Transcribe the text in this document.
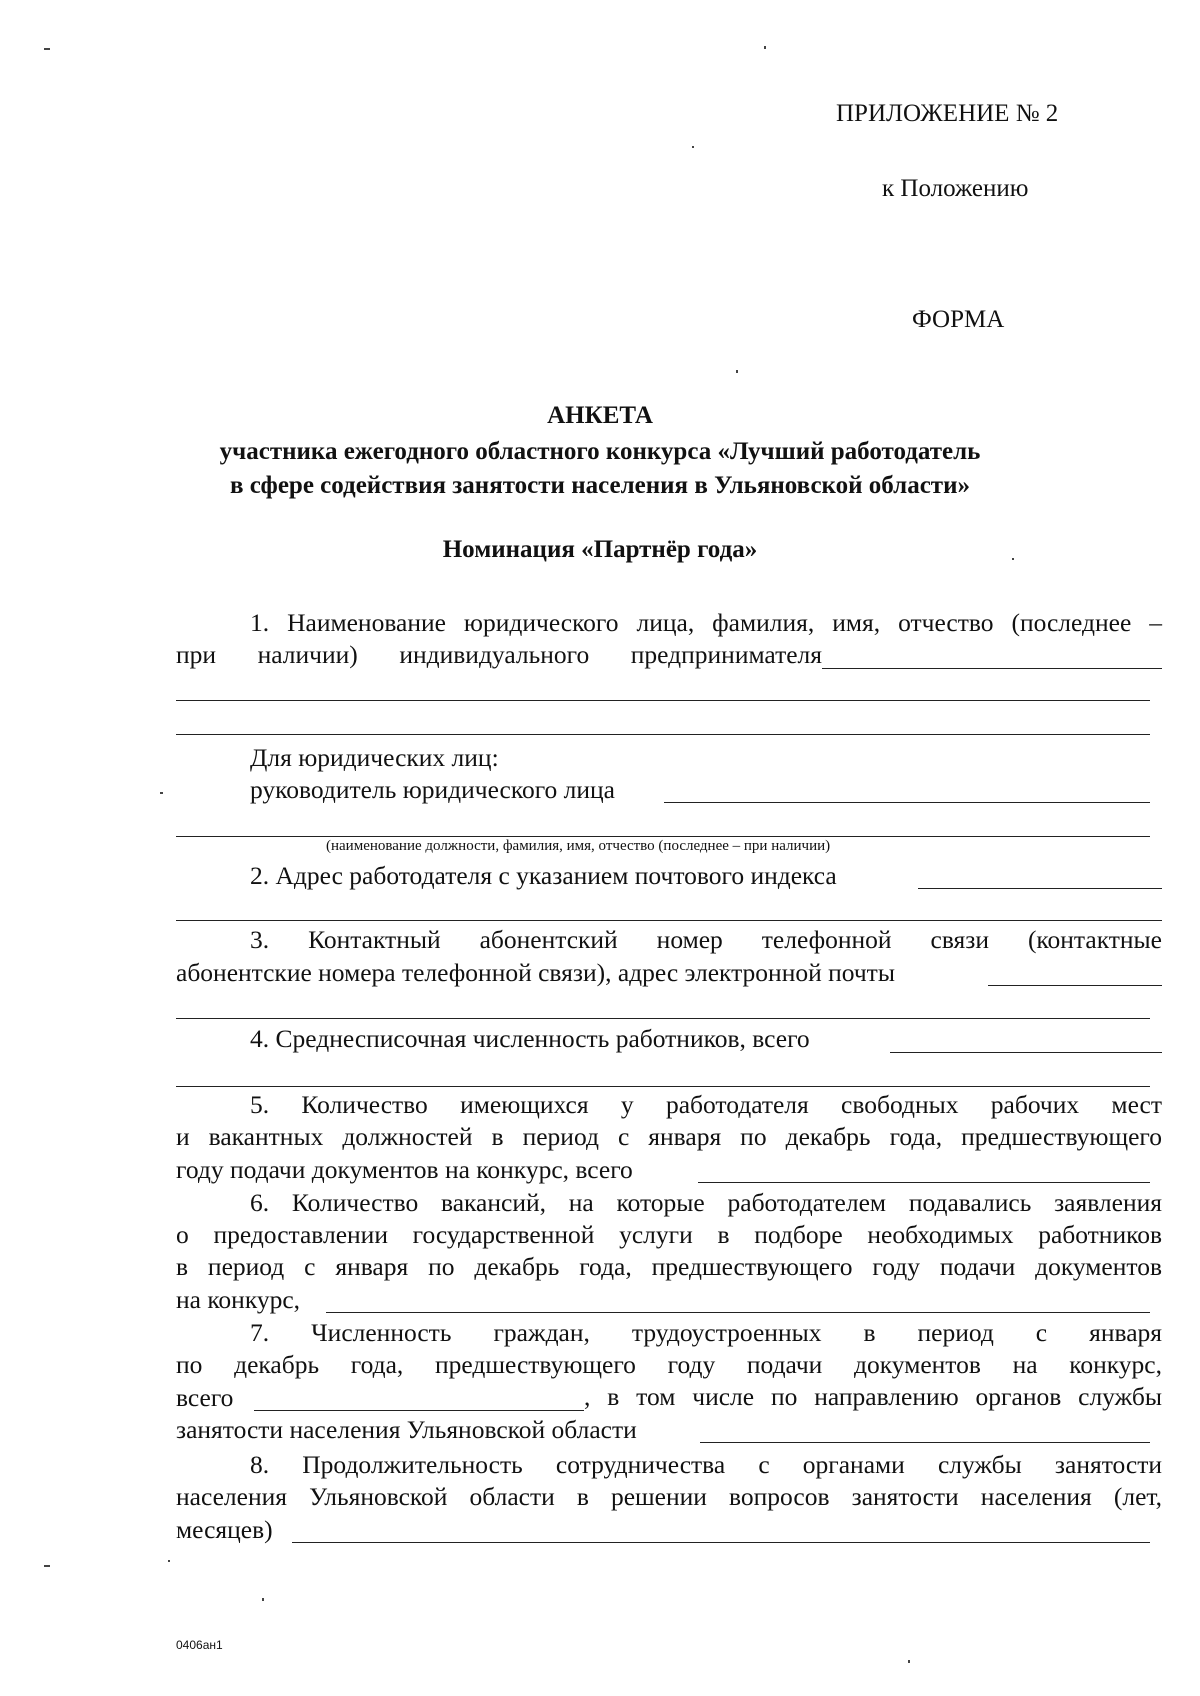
ПРИЛОЖЕНИЕ № 2
к Положению
ФОРМА
АНКЕТА
участника ежегодного областного конкурса «Лучший работодатель
в сфере содействия занятости населения в Ульяновской области»
Номинация «Партнёр года»
1. Наименование юридического лица, фамилия, имя, отчество (последнее –
при наличии) индивидуального предпринимателя
Для юридических лиц:
руководитель юридического лица
(наименование должности, фамилия, имя, отчество (последнее – при наличии)
2. Адрес работодателя с указанием почтового индекса
3. Контактный абонентский номер телефонной связи (контактные
абонентские номера телефонной связи), адрес электронной почты
4. Среднесписочная численность работников, всего
5. Количество имеющихся у работодателя свободных рабочих мест
и вакантных должностей в период с января по декабрь года, предшествующего
году подачи документов на конкурс, всего
6. Количество вакансий, на которые работодателем подавались заявления
о предоставлении государственной услуги в подборе необходимых работников
в период с января по декабрь года, предшествующего году подачи документов
на конкурс,
7. Численность граждан, трудоустроенных в период с января
по декабрь года, предшествующего году подачи документов на конкурс,
всего	, в том числе по направлению органов службы
занятости населения Ульяновской области
8. Продолжительность сотрудничества с органами службы занятости
населения Ульяновской области в решении вопросов занятости населения (лет,
месяцев)
0406ан1
